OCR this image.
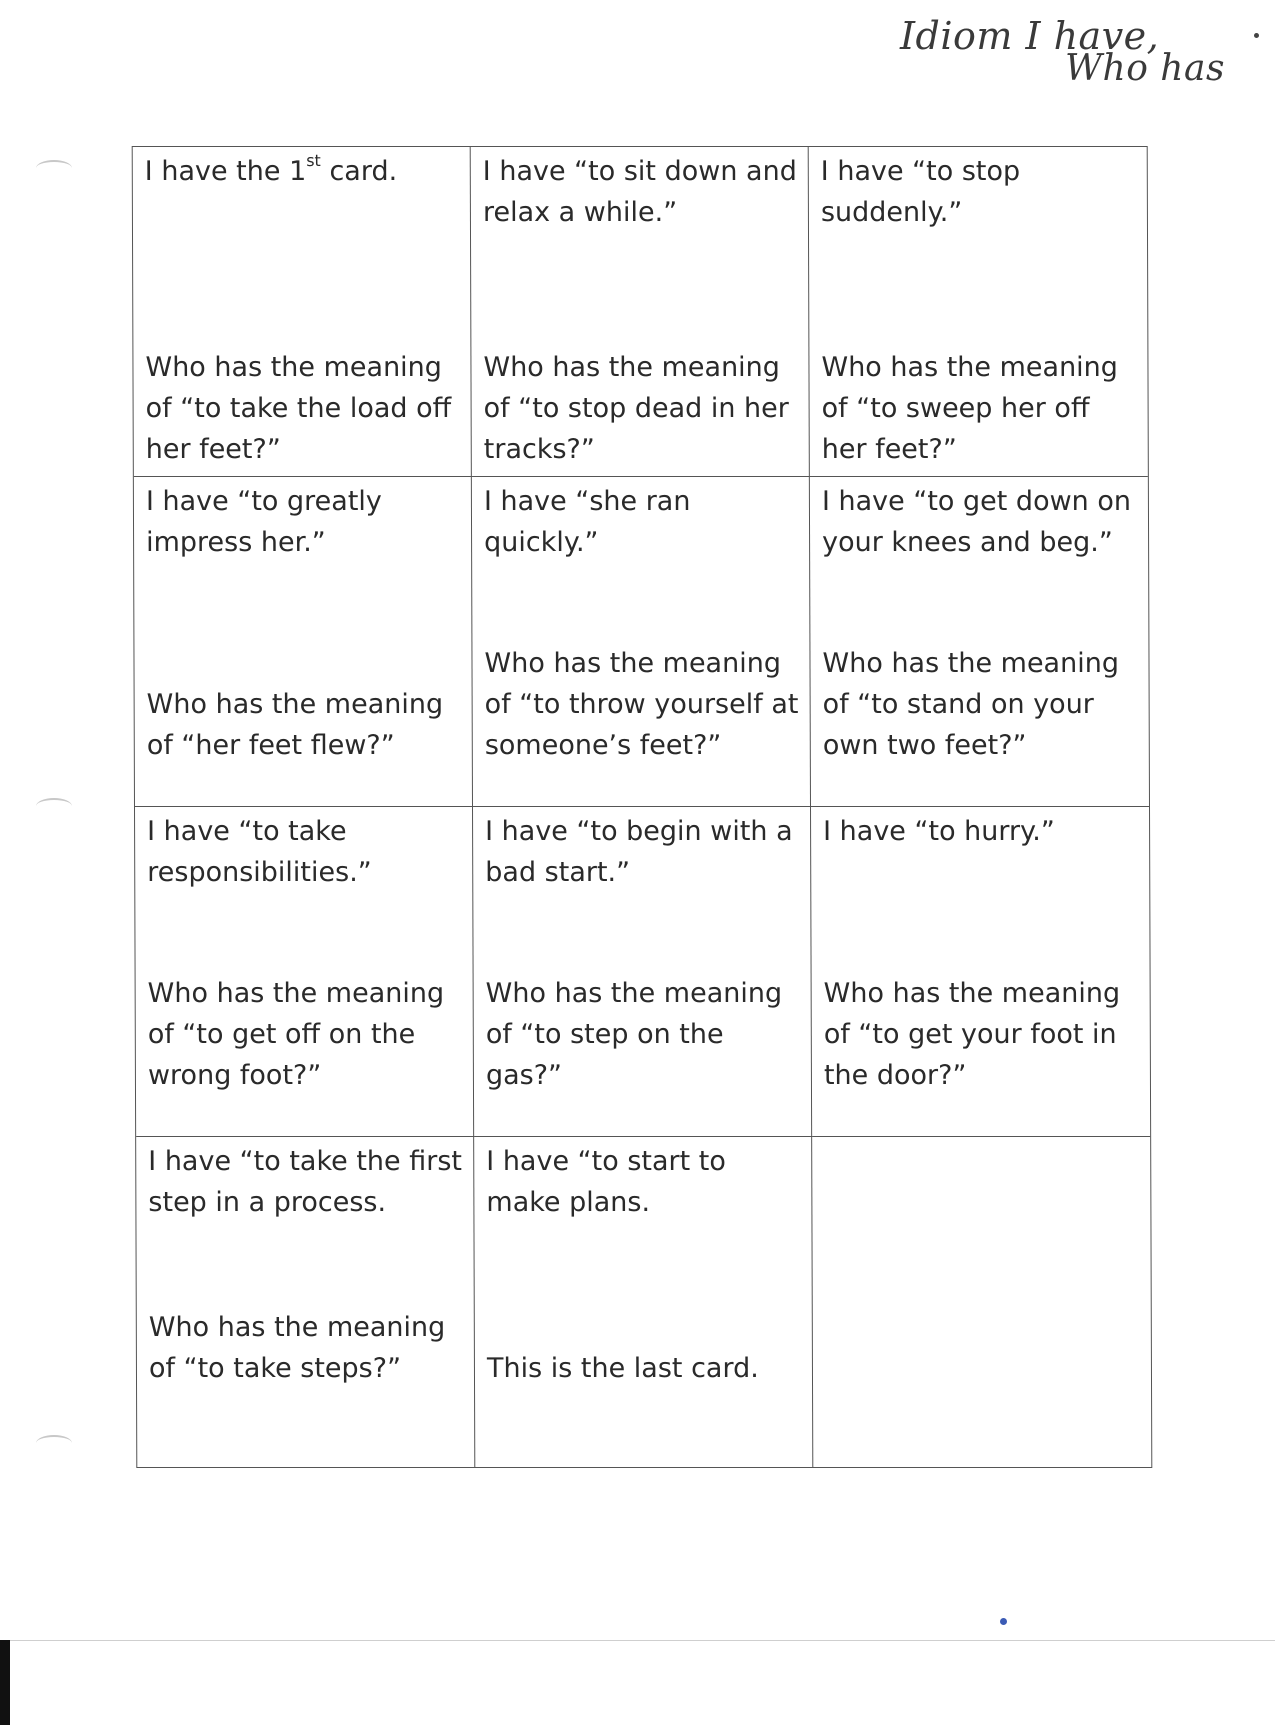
Idiom I have,
Who has
I have the 1st card.
Who has the meaning of “to take the load off her feet?”
I have “to sit down and relax a while.”
Who has the meaning of “to stop dead in her tracks?”
I have “to stop suddenly.”
Who has the meaning of “to sweep her off her feet?”
I have “to greatly impress her.”
Who has the meaning of “her feet flew?”
I have “she ran quickly.”
Who has the meaning of “to throw yourself at someone’s feet?”
I have “to get down on your knees and beg.”
Who has the meaning of “to stand on your own two feet?”
I have “to take responsibilities.”
Who has the meaning of “to get off on the wrong foot?”
I have “to begin with a bad start.”
Who has the meaning of “to step on the gas?”
I have “to hurry.”
Who has the meaning of “to get your foot in the door?”
I have “to take the first step in a process.
Who has the meaning of “to take steps?”
I have “to start to make plans.
This is the last card.
